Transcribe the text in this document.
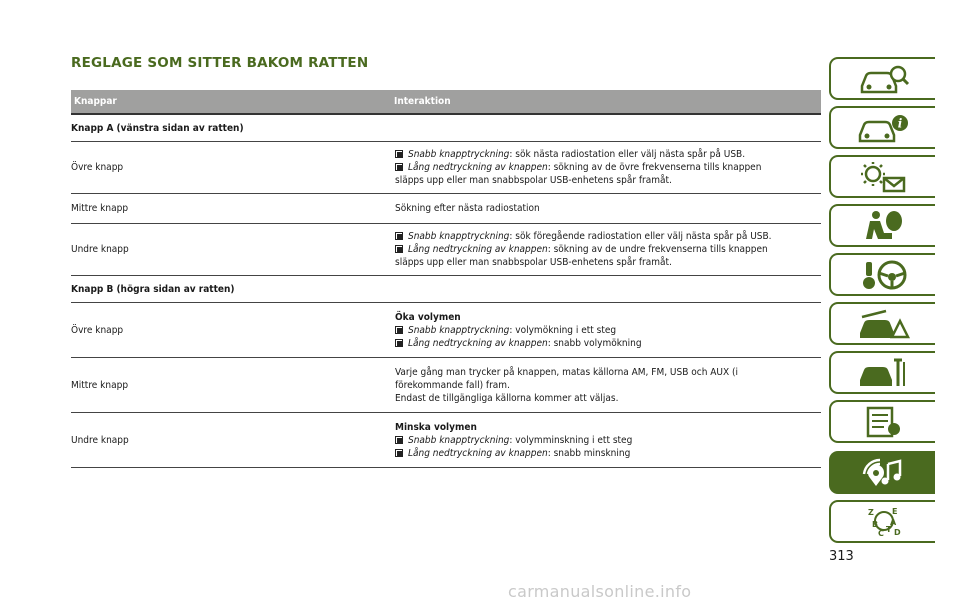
REGLAGE SOM SITTER BAKOM RATTEN
Knappar	Interaktion
Knapp A (vänstra sidan av ratten)	
Övre knapp	Snabb knapptryckning: sök nästa radiostation eller välj nästa spår på USB.
Lång nedtryckning av knappen: sökning av de övre frekvenserna tills knappen
släpps upp eller man snabbspolar USB-enhetens spår framåt.

Mittre knapp	Sökning efter nästa radiostation
Undre knapp	Snabb knapptryckning: sök föregående radiostation eller välj nästa spår på USB.
Lång nedtryckning av knappen: sökning av de undre frekvenserna tills knappen
släpps upp eller man snabbspolar USB-enhetens spår framåt.

Knapp B (högra sidan av ratten)	
Övre knapp	Öka volymen
Snabb knapptryckning: volymökning i ett steg
Lång nedtryckning av knappen: snabb volymökning

Mittre knapp	Varje gång man trycker på knappen, matas källorna AM, FM, USB och AUX (i
förekommande fall) fram.
Endast de tillgängliga källorna kommer att väljas.

Undre knapp	Minska volymen
Snabb knapptryckning: volymminskning i ett steg
Lång nedtryckning av knappen: snabb minskning
i
Z E
B A
C D
T
313
carmanualsonline.info
